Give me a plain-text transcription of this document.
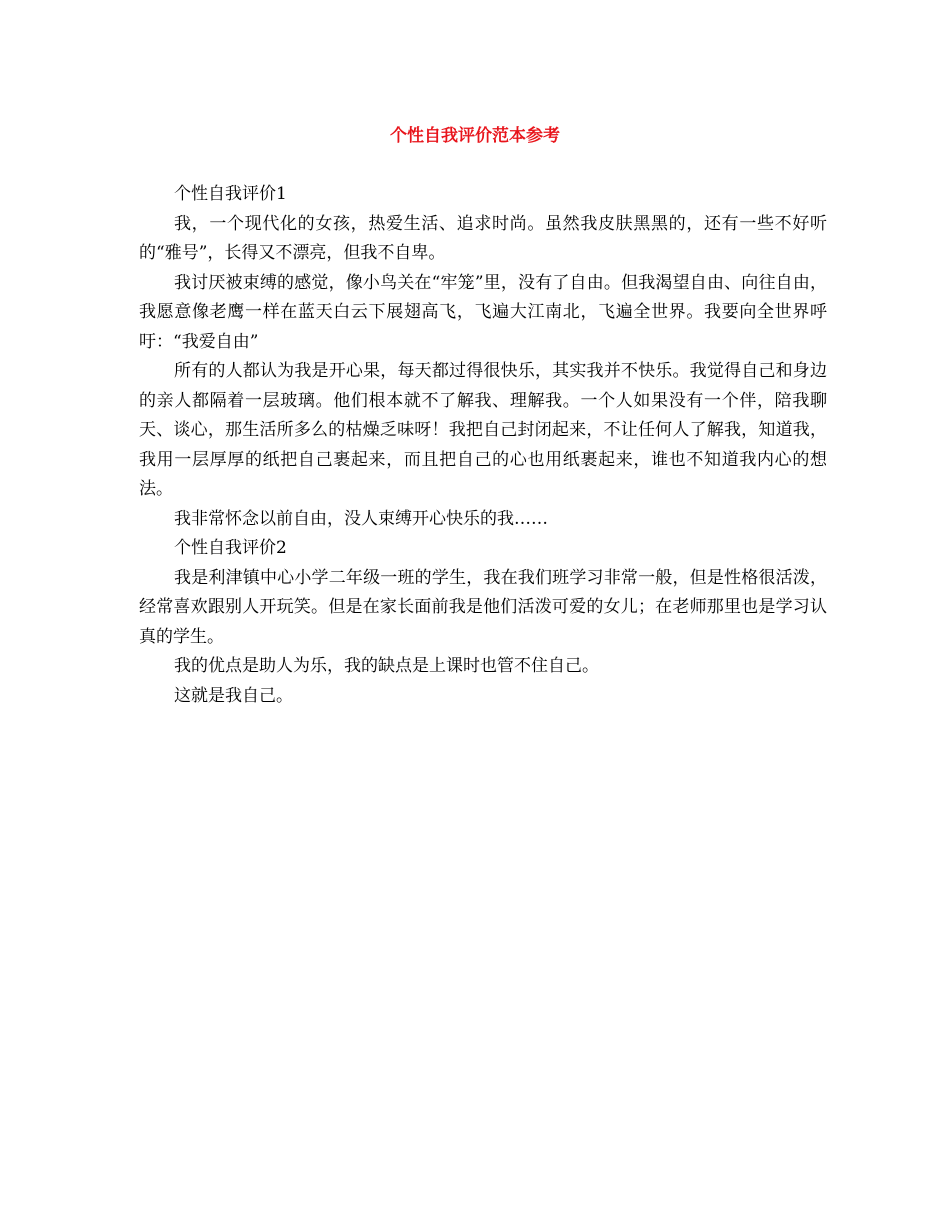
个性自我评价范本参考

个性自我评价1

我，一个现代化的女孩，热爱生活、追求时尚。虽然我皮肤黑黑的，还有一些不好听的“雅号”，长得又不漂亮，但我不自卑。

我讨厌被束缚的感觉，像小鸟关在“牢笼”里，没有了自由。但我渴望自由、向往自由，我愿意像老鹰一样在蓝天白云下展翅高飞，飞遍大江南北，飞遍全世界。我要向全世界呼吁：“我爱自由”

所有的人都认为我是开心果，每天都过得很快乐，其实我并不快乐。我觉得自己和身边的亲人都隔着一层玻璃。他们根本就不了解我、理解我。一个人如果没有一个伴，陪我聊天、谈心，那生活所多么的枯燥乏味呀！我把自己封闭起来，不让任何人了解我，知道我，我用一层厚厚的纸把自己裹起来，而且把自己的心也用纸裹起来，谁也不知道我内心的想法。

我非常怀念以前自由，没人束缚开心快乐的我……

个性自我评价2

我是利津镇中心小学二年级一班的学生，我在我们班学习非常一般，但是性格很活泼，经常喜欢跟别人开玩笑。但是在家长面前我是他们活泼可爱的女儿；在老师那里也是学习认真的学生。

我的优点是助人为乐，我的缺点是上课时也管不住自己。

这就是我自己。
